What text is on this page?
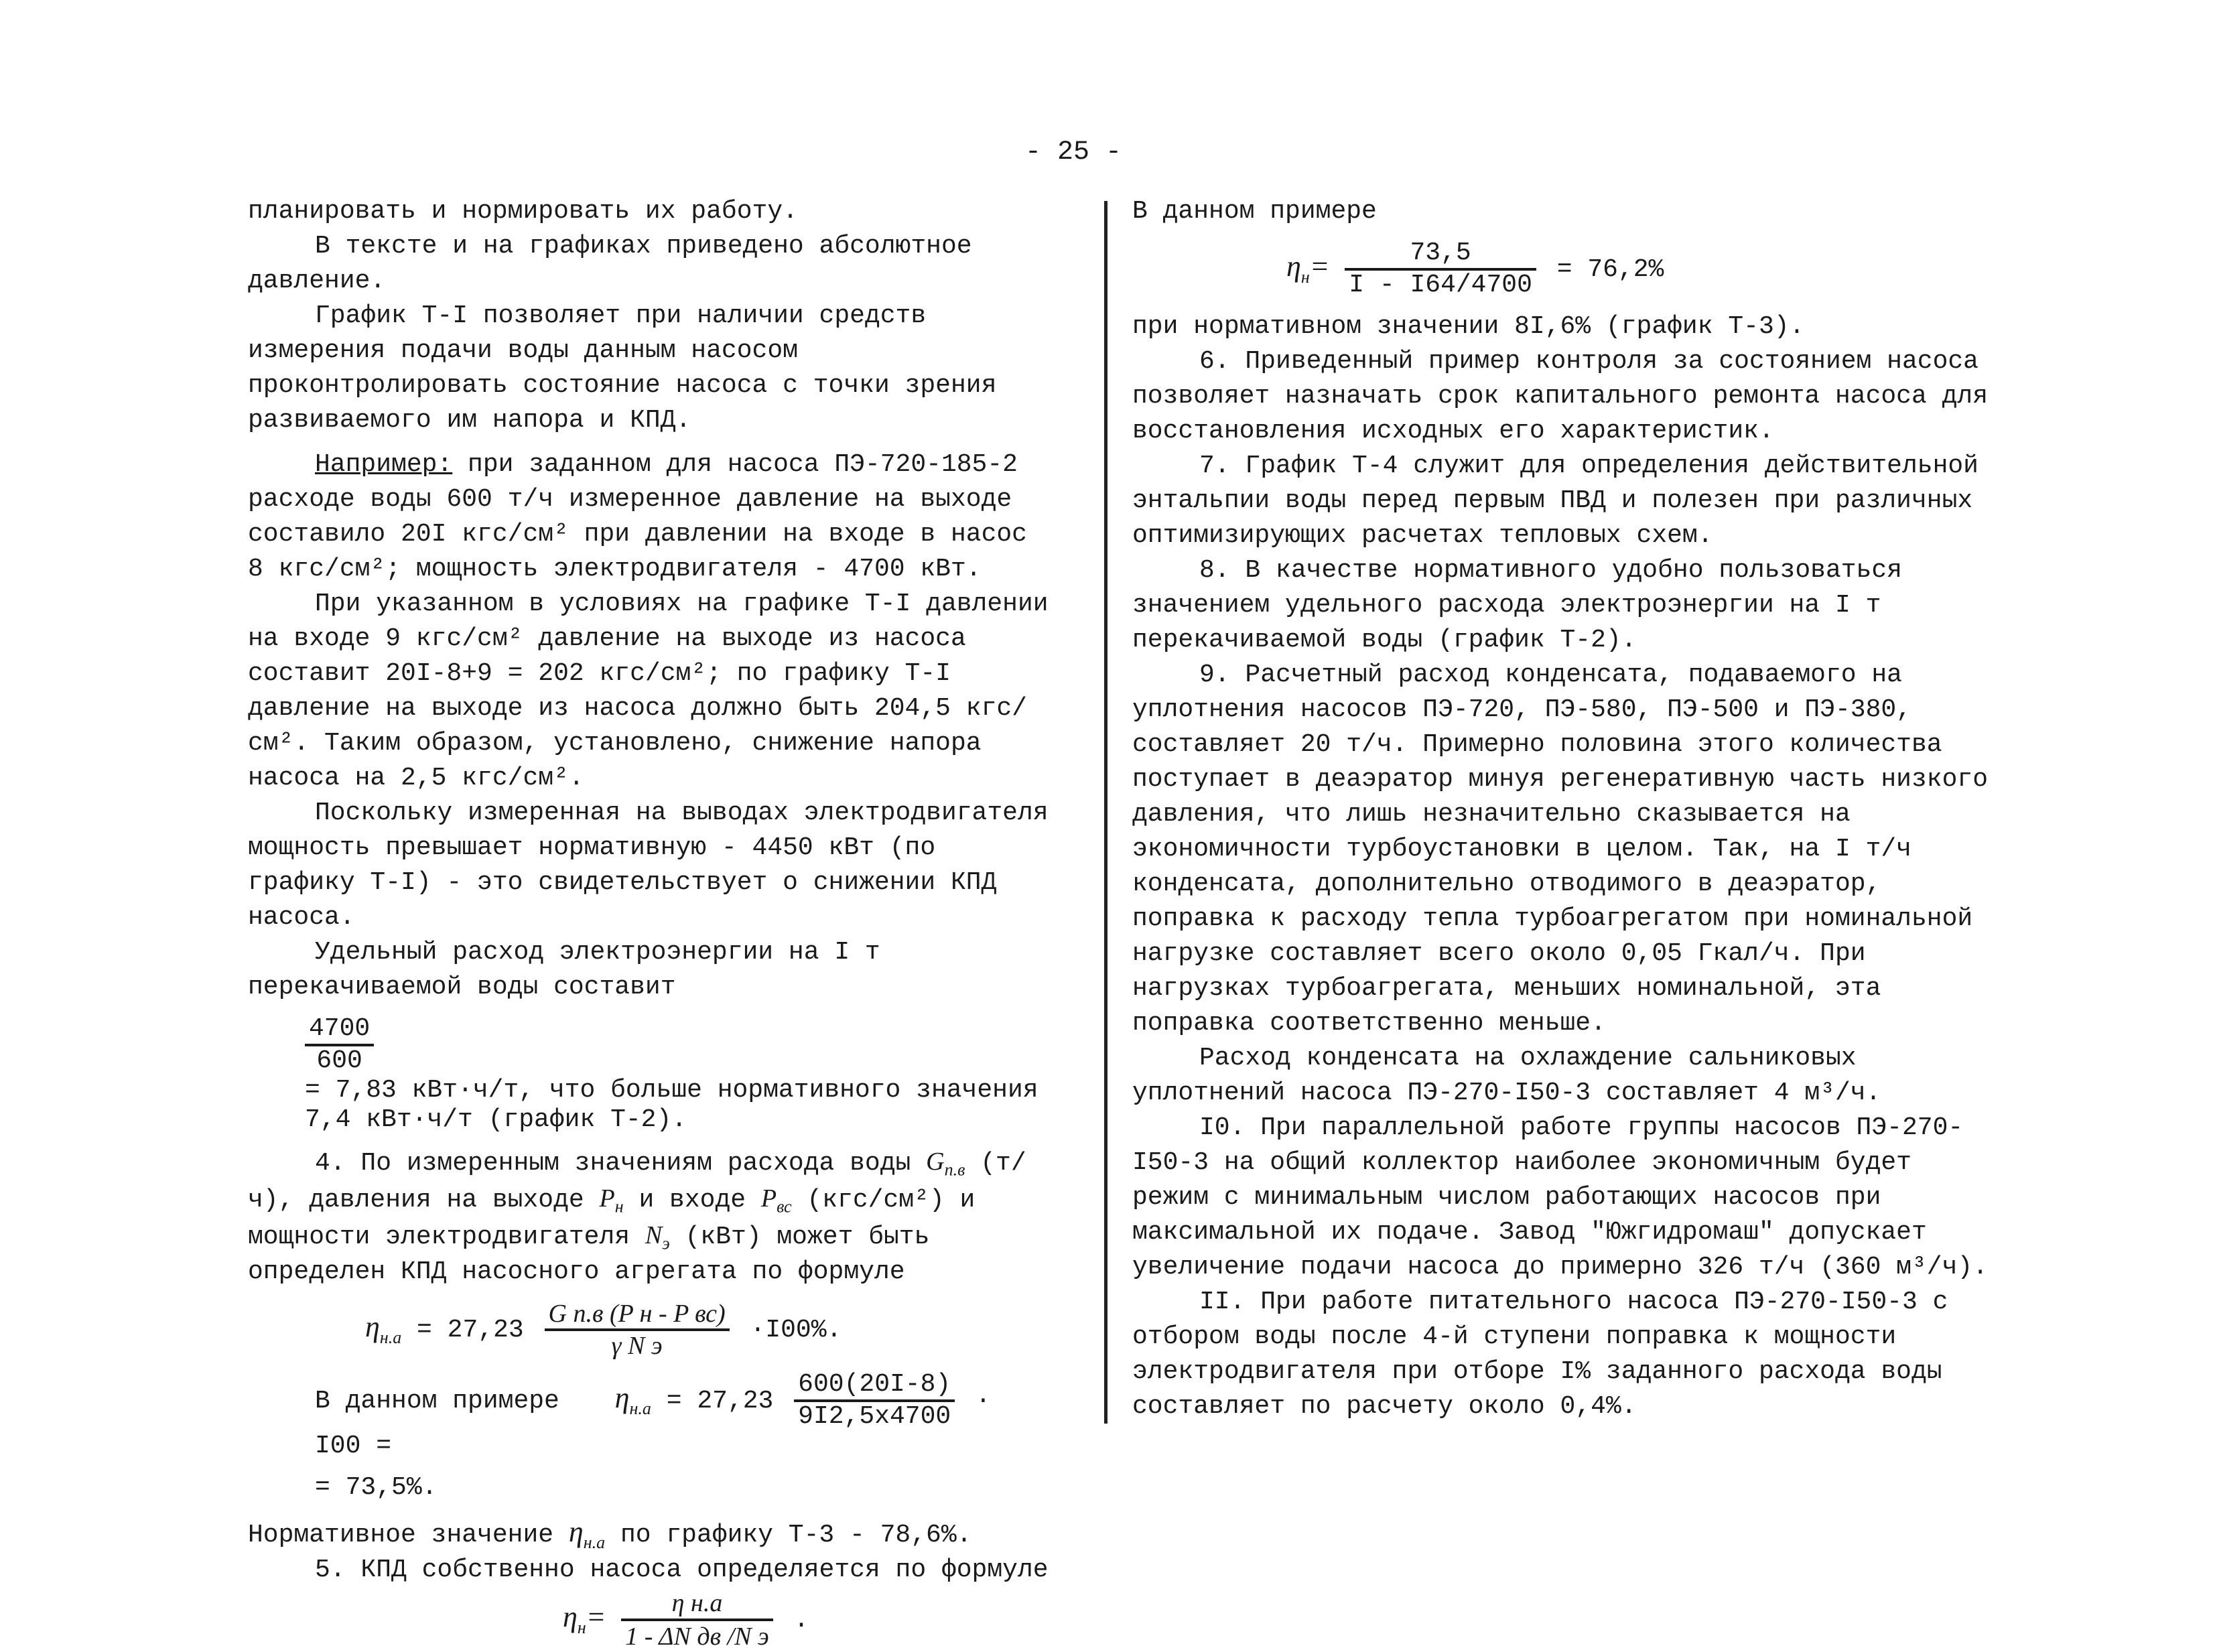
- 25 -

планировать и нормировать их работу.

В тексте и на графиках приведено абсолютное давление.

График Т-I позволяет при наличии средств измерения подачи воды данным насосом проконтролировать состояние насоса с точки зрения развиваемого им напора и КПД.

Например: при заданном для насоса ПЭ-720-185-2 расходе воды 600 т/ч измеренное давление на выходе составило 20I кгс/см² при давлении на входе в насос 8 кгс/см²; мощность электродвигателя - 4700 кВт.

При указанном в условиях на графике Т-I давлении на входе 9 кгс/см² давление на выходе из насоса составит 20I-8+9 = 202 кгс/см²; по графику Т-I давление на выходе из насоса должно быть 204,5 кгс/см². Таким образом, установлено, снижение напора насоса на 2,5 кгс/см².

Поскольку измеренная на выводах электродвигателя мощность превышает нормативную - 4450 кВт (по графику Т-I) - это свидетельствует о снижении КПД насоса.

Удельный расход электроэнергии на I т перекачиваемой воды составит

$\frac{4700}{600}$

= 7,83 кВт·ч/т, что больше нормативного значения
7,4 кВт·ч/т (график Т-2).

4. По измеренным значениям расхода воды $G_{п.в}$ (т/ч), давления на выходе $P_н$ и входе $P_{вс}$ (кгс/см²) и мощности электродвигателя $N_э$ (кВт) может быть определен КПД насосного агрегата по формуле

$\eta_{н.а} = 27,23 \frac{\text{G п.в (P н - P вс)}}{\text{γ N э}} \cdot I00\%$.
В данном примере $\eta_{н.а} = 27,23 \frac{600(20I-8)}{9I2,5х4700} \cdot I00$ =

= 73,5%.

Нормативное значение $\eta_{н.а}$ по графику Т-3 - 78,6%.

5. КПД собственно насоса определяется по формуле

$\eta_н= \frac{\text{η н.а}}{\text{1 - ΔN дв /N э}}$ .

В данном примере

$\eta_н= \frac{73,5}{I - I64/4700} = 76,2\%$

при нормативном значении 8I,6% (график Т-3).

6. Приведенный пример контроля за состоянием насоса позволяет назначать срок капитального ремонта насоса для восстановления исходных его характеристик.

7. График Т-4 служит для определения действительной энтальпии воды перед первым ПВД и полезен при различных оптимизирующих расчетах тепловых схем.

8. В качестве нормативного удобно пользоваться значением удельного расхода электроэнергии на I т перекачиваемой воды (график Т-2).

9. Расчетный расход конденсата, подаваемого на уплотнения насосов ПЭ-720, ПЭ-580, ПЭ-500 и ПЭ-380, составляет 20 т/ч. Примерно половина этого количества поступает в деаэратор минуя регенеративную часть низкого давления, что лишь незначительно сказывается на экономичности турбоустановки в целом. Так, на I т/ч конденсата, дополнительно отводимого в деаэратор, поправка к расходу тепла турбоагрегатом при номинальной нагрузке составляет всего около 0,05 Гкал/ч. При нагрузках турбоагрегата, меньших номинальной, эта поправка соответственно меньше.

Расход конденсата на охлаждение сальниковых уплотнений насоса ПЭ-270-I50-3 составляет 4 м³/ч.

I0. При параллельной работе группы насосов ПЭ-270-I50-3 на общий коллектор наиболее экономичным будет режим с минимальным числом работающих насосов при максимальной их подаче. Завод "Южгидромаш" допускает увеличение подачи насоса до примерно 326 т/ч (360 м³/ч).

II. При работе питательного насоса ПЭ-270-I50-3 с отбором воды после 4-й ступени поправка к мощности электродвигателя при отборе I% заданного расхода воды составляет по расчету около 0,4%.
